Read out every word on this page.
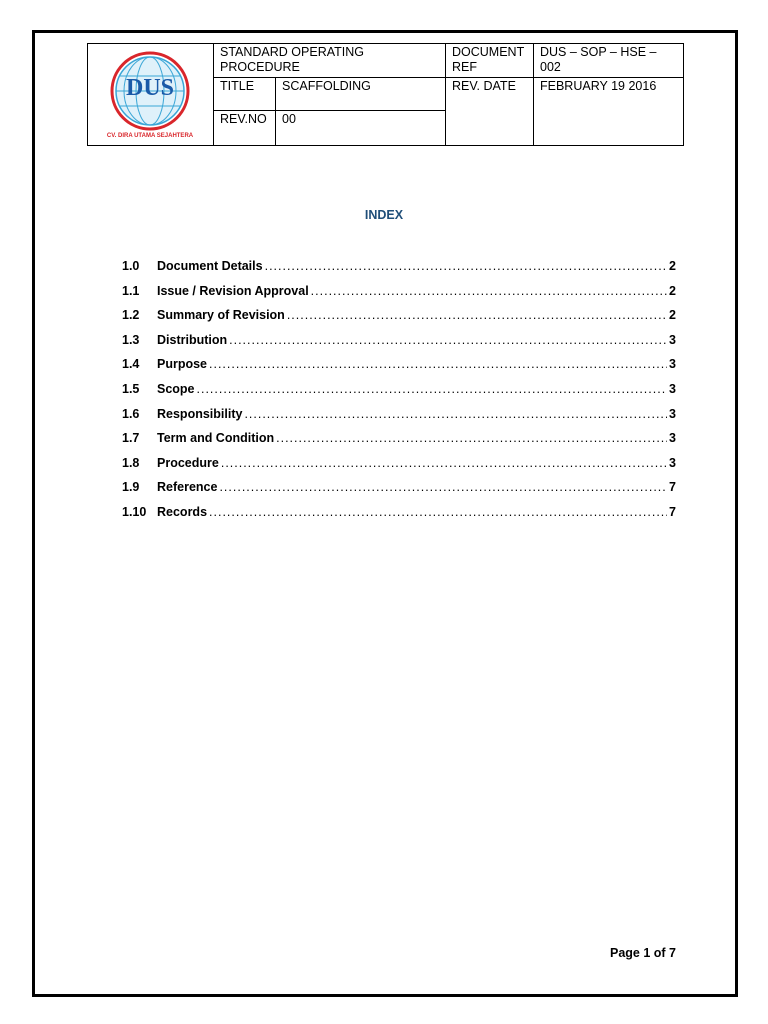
DUS
CV. DIRA UTAMA SEJAHTERA	STANDARD OPERATING PROCEDURE		DOCUMENT REF	DUS – SOP – HSE – 002
	TITLE	SCAFFOLDING	REV. DATE	FEBRUARY 19 2016
	REV.NO	00		
INDEX
1.0	Document Details .....	2
1.1	Issue / Revision Approval .....	2
1.2	Summary of Revision .....	2
1.3	Distribution .....	3
1.4	Purpose .....	3
1.5	Scope .....	3
1.6	Responsibility .....	3
1.7	Term and Condition .....	3
1.8	Procedure .....	3
1.9	Reference .....	7
1.10 Records .....	7
Page 1 of 7
